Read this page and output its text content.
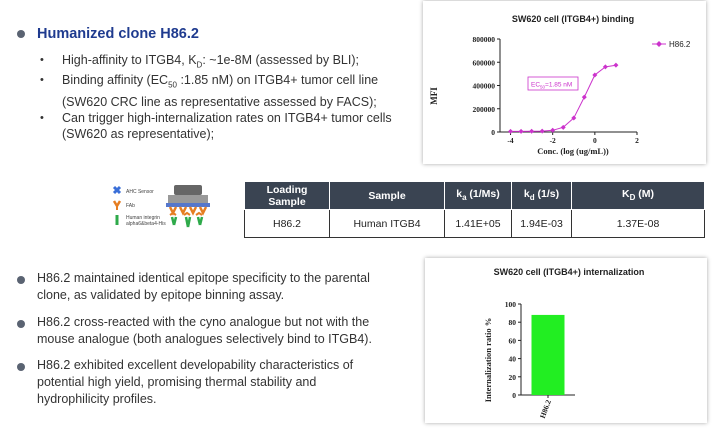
Humanized clone H86.2
• High-affinity to ITGB4, $K_D$: ~1e-8M (assessed by BLI);
• Binding affinity ($EC_{50}$ :1.85 nM) on ITGB4+ tumor cell line
(SW620 CRC line as representative assessed by FACS);
• Can trigger high-internalization rates on ITGB4+ tumor cells
(SW620 as representative);
SW620 cell (ITGB4+) binding
MFI
Conc. (log (ug/mL))
0
200000
400000
600000
800000
-4	-2	0	2
H86.2
$EC_{50}=1.85$ nM
AHC Sensor
FAb
Human integrin
alpha6&beta4-His
Loading
Sample	Sample	$k_a$ (1/Ms)	$k_d$ (1/s)	$K_D$ (M)
H86.2	Human ITGB4	1.41E+05	1.94E-03	1.37E-08
H86.2 maintained identical epitope specificity to the parental
clone, as validated by epitope binning assay.
H86.2 cross-reacted with the cyno analogue but not with the
mouse analogue (both analogues selectively bind to ITGB4).
H86.2 exhibited excellent developability characteristics of
potential high yield, promising thermal stability and
hydrophilicity profiles.
SW620 cell (ITGB4+) internalization
Internalization ratio %	0
20
40
60
80
100
H86.2
